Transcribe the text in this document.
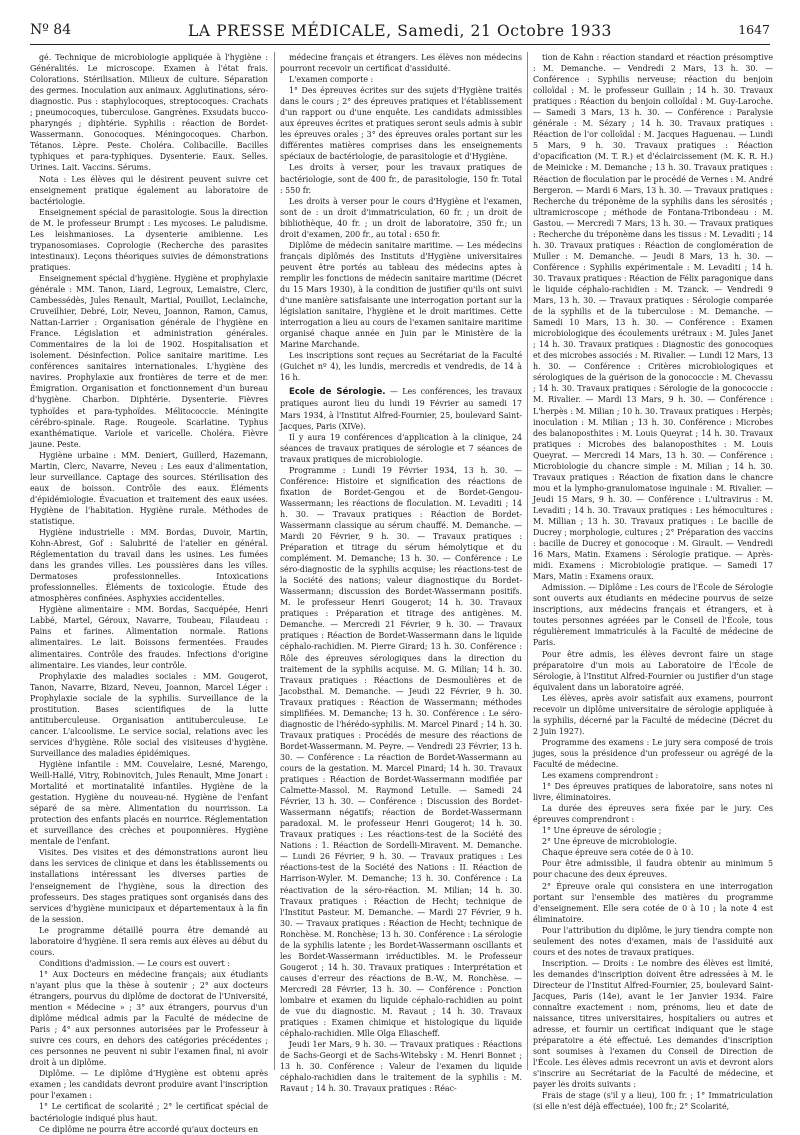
Nº 84	LA PRESSE MÉDICALE, Samedi, 21 Octobre 1933	1647

gé. Technique de microbiologie appliquée à l'hygiène : Généralités. Le microscope. Examen à l'état frais. Colorations. Stérilisation. Milieux de culture. Séparation des germes. Inoculation aux animaux. Agglutinations, séro-diagnostic. Pus : staphylocoques, streptocoques. Crachats ; pneumocoques, tuberculose. Gangrènes. Exsudats bucco-pharyngés ; diphtérie. Syphilis : réaction de Bordet-Wassermann. Gonocoques. Méningocoques. Charbon. Tétanos. Lèpre. Peste. Choléra. Colibacille. Bacilles typhiques et para-typhiques. Dysenterie. Eaux. Selles. Urines. Lait. Vaccins. Sérums.

Nota : Les élèves qui le désirent peuvent suivre cet enseignement pratique également au laboratoire de bactériologie.

Enseignement spécial de parasitologie. Sous la direction de M. le professeur Brumpt : Les mycoses. Le paludisme. Les leishmanioses. La dysenterie amibienne. Les trypanosomiases. Coprologie (Recherche des parasites intestinaux). Leçons théoriques suivies de démonstrations pratiques.

Enseignement spécial d'hygiène. Hygiène et prophylaxie générale : MM. Tanon, Liard, Legroux, Lemaistre, Clerc, Cambessédès, Jules Renault, Martial, Pouillot, Leclainche, Cruveilhier, Debré, Loir, Neveu, Joannon, Ramon, Camus, Nattan-Larrier : Organisation générale de l'hygiène en France. Législation et administration générales. Commentaires de la loi de 1902. Hospitalisation et isolement. Désinfection. Police sanitaire maritime. Les conférences sanitaires internationales. L'hygiène des navires. Prophylaxie aux frontières de terre et de mer. Émigration. Organisation et fonctionnement d'un bureau d'hygiène. Charbon. Diphtérie. Dysenterie. Fièvres typhoïdes et para-typhoïdes. Mélitococcie. Méningite cérébro-spinale. Rage. Rougeole. Scarlatine. Typhus exanthématique. Variole et varicelle. Choléra. Fièvre jaune. Peste.

Hygiène urbaine : MM. Deniert, Guillerd, Hazemann, Martin, Clerc, Navarre, Neveu : Les eaux d'alimentation, leur surveillance. Captage des sources. Stérilisation des eaux de boisson. Contrôle des eaux. Éléments d'épidémiologie. Évacuation et traitement des eaux usées. Hygiène de l'habitation. Hygiène rurale. Méthodes de statistique.

Hygiène industrielle : MM. Bordas, Duvoir, Martin, Kohn-Abrest, Gof : Salubrité de l'atelier en général. Réglementation du travail dans les usines. Les fumées dans les grandes villes. Les poussières dans les villes. Dermatoses professionnelles. Intoxications professionnelles. Éléments de toxicologie. Étude des atmosphères confinées. Asphyxies accidentelles.

Hygiène alimentaire : MM. Bordas, Sacquépée, Henri Labbé, Martel, Géroux, Navarre, Toubeau, Filaudeau : Pains et farines. Alimentation normale. Rations alimentaires. Le lait. Boissons fermentées. Fraudes alimentaires. Contrôle des fraudes. Infections d'origine alimentaire. Les viandes, leur contrôle.

Prophylaxie des maladies sociales : MM. Gougerot, Tanon, Navarre, Bizard, Neveu, Joannon, Marcel Léger : Prophylaxie sociale de la syphilis. Surveillance de la prostitution. Bases scientifiques de la lutte antituberculeuse. Organisation antituberculeuse. Le cancer. L'alcoolisme. Le service social, relations avec les services d'hygiène. Rôle social des visiteuses d'hygiène. Surveillance des maladies épidémiques.

Hygiène infantile : MM. Couvelaire, Lesné, Marengo, Weill-Hallé, Vitry, Robinovitch, Jules Renault, Mme Jonart : Mortalité et mortinatalité infantiles. Hygiène de la gestation. Hygiène du nouveau-né. Hygiène de l'enfant séparé de sa mère. Alimentation du nourrisson. La protection des enfants placés en nourrice. Réglementation et surveillance des crèches et pouponnières. Hygiène mentale de l'enfant.

Visites. Des visites et des démonstrations auront lieu dans les services de clinique et dans les établissements ou installations intéressant les diverses parties de l'enseignement de l'hygiène, sous la direction des professeurs. Des stages pratiques sont organisés dans des services d'hygiène municipaux et départementaux à la fin de la session.

Le programme détaillé pourra être demandé au laboratoire d'hygiène. Il sera remis aux élèves au début du cours.

Conditions d'admission. — Le cours est ouvert :

1° Aux Docteurs en médecine français; aux étudiants n'ayant plus que la thèse à soutenir ; 2° aux docteurs étrangers, pourvus du diplôme de doctorat de l'Université, mention « Médecine » ; 3° aux étrangers, pourvus d'un diplôme médical admis par la Faculté de médecine de Paris ; 4° aux personnes autorisées par le Professeur à suivre ces cours, en dehors des catégories précédentes ; ces personnes ne peuvent ni subir l'examen final, ni avoir droit à un diplôme.

Diplôme. — Le diplôme d'Hygiène est obtenu après examen ; les candidats devront produire avant l'inscription pour l'examen :

1° Le certificat de scolarité ; 2° le certificat spécial de bactériologie indiqué plus haut.

Ce diplôme ne pourra être accordé qu'aux docteurs en

médecine français et étrangers. Les élèves non médecins pourront recevoir un certificat d'assiduité.

L'examen comporte :

1° Des épreuves écrites sur des sujets d'Hygiène traités dans le cours ; 2° des épreuves pratiques et l'établissement d'un rapport ou d'une enquête. Les candidats admissibles aux épreuves écrites et pratiques seront seuls admis à subir les épreuves orales ; 3° des épreuves orales portant sur les différentes matières comprises dans les enseignements spéciaux de bactériologie, de parasitologie et d'Hygiène.

Les droits à verser, pour les travaux pratiques de bactériologie, sont de 400 fr., de parasitologie, 150 fr. Total : 550 fr.

Les droits à verser pour le cours d'Hygiène et l'examen, sont de : un droit d'immatriculation, 60 fr. ; un droit de bibliothèque, 40 fr. ; un droit de laboratoire, 350 fr.; un droit d'examen, 200 fr., au total : 650 fr.

Diplôme de médecin sanitaire maritime. — Les médecins français diplômés des Instituts d'Hygiène universitaires peuvent être portés au tableau des médecins aptes à remplir les fonctions de médecin sanitaire maritime (Décret du 15 Mars 1930), à la condition de justifier qu'ils ont suivi d'une manière satisfaisante une interrogation portant sur la législation sanitaire, l'hygiène et le droit maritimes. Cette interrogation a lieu au cours de l'examen sanitaire maritime organisé chaque année en Juin par le Ministère de la Marine Marchande.

Les inscriptions sont reçues au Secrétariat de la Faculté (Guichet nº 4), les lundis, mercredis et vendredis, de 14 à 16 h.

Ecole de Sérologie. — Les conférences, les travaux pratiques auront lieu du lundi 19 Février au samedi 17 Mars 1934, à l'Institut Alfred-Fournier, 25, boulevard Saint-Jacques, Paris (XIVe).

Il y aura 19 conférences d'application à la clinique, 24 séances de travaux pratiques de sérologie et 7 séances de travaux pratiques de microbiologie.

Programme : Lundi 19 Février 1934, 13 h. 30. — Conférence: Histoire et signification des réactions de fixation de Bordet-Gengou et de Bordet-Gengou-Wassermann; les réactions de floculation. M. Levaditi ; 14 h. 30. — Travaux pratiques : Réaction de Bordet-Wassermann classique au sérum chauffé. M. Demanche. — Mardi 20 Février, 9 h. 30. — Travaux pratiques : Préparation et titrage du sérum hémolytique et du complément. M. Demanche; 13 h. 30. — Conférence : Le séro-diagnostic de la syphilis acquise; les réactions-test de la Société des nations; valeur diagnostique du Bordet-Wassermann; discussion des Bordet-Wassermann positifs. M. le professeur Henri Gougerot; 14 h. 30. Travaux pratiques : Préparation et titrage des antigènes. M. Demanche. — Mercredi 21 Février, 9 h. 30. — Travaux pratiques : Réaction de Bordet-Wassermann dans le liquide céphalo-rachidien. M. Pierre Girard; 13 h. 30. Conférence : Rôle des épreuves sérologiques dans la direction du traitement de la syphilis acquise. M. G. Milian; 14 h. 30. Travaux pratiques : Réactions de Desmoulières et de Jacobsthal. M. Demanche. — Jeudi 22 Février, 9 h. 30. Travaux pratiques : Réaction de Wassermann; méthodes simplifiées. M. Demanche; 13 h. 30. Conférence : Le séro-diagnostic de l'hérédo-syphilis. M. Marcel Pinard ; 14 h. 30. Travaux pratiques : Procédés de mesure des réactions de Bordet-Wassermann. M. Peyre. — Vendredi 23 Février, 13 h. 30. — Conférence : La réaction de Bordet-Wassermann au cours de la gestation. M. Marcel Pinard; 14 h. 30. Travaux pratiques : Réaction de Bordet-Wassermann modifiée par Calmette-Massol. M. Raymond Letulle. — Samedi 24 Février, 13 h. 30. — Conférence : Discussion des Bordet-Wassermann négatifs; réaction de Bordet-Wassermann paradoxal. M. le professeur Henri Gougerot; 14 h. 30. Travaux pratiques : Les réactions-test de la Société des Nations : 1. Réaction de Sordelli-Miravent. M. Demanche. — Lundi 26 Février, 9 h. 30. — Travaux pratiques : Les réactions-test de la Société des Nations : II. Réaction de Harrison-Wyler. M. Demanche; 13 h. 30. Conférence : La réactivation de la séro-réaction. M. Milian; 14 h. 30. Travaux pratiques : Réaction de Hecht; technique de l'Institut Pasteur. M. Demanche. — Mardi 27 Février, 9 h. 30. — Travaux pratiques : Réaction de Hecht; technique de Ronchèse. M. Ronchèse; 13 h. 30. Conférence : La sérologie de la syphilis latente ; les Bordet-Wassermann oscillants et les Bordet-Wassermann irréductibles. M. le Professeur Gougerot ; 14 h. 30. Travaux pratiques : Interprétation et causes d'erreur des réactions de B.-W., M. Ronchèse. — Mercredi 28 Février, 13 h. 30. — Conférence : Ponction lombaire et examen du liquide céphalo-rachidien au point de vue du diagnostic. M. Ravaut ; 14 h. 30. Travaux pratiques : Examen chimique et histologique du liquide céphalo-rachidien. Mlle Olga Eliascheff.

Jeudi 1er Mars, 9 h. 30. — Travaux pratiques : Réactions de Sachs-Georgi et de Sachs-Witebsky : M. Henri Bonnet ; 13 h. 30. Conférence : Valeur de l'examen du liquide céphalo-rachidien dans le traitement de la syphilis : M. Ravaut ; 14 h. 30. Travaux pratiques : Réac-

tion de Kahn : réaction standard et réaction présomptive : M. Demanche. — Vendredi 2 Mars, 13 h. 30. — Conférence : Syphilis nerveuse; réaction du benjoin colloïdal : M. le professeur Guillain ; 14 h. 30. Travaux pratiques : Réaction du benjoin colloïdal : M. Guy-Laroche. — Samedi 3 Mars, 13 h. 30. — Conférence : Paralysie générale : M. Sézary ; 14 h. 30. Travaux pratiques : Réaction de l'or colloïdal : M. Jacques Haguenau. — Lundi 5 Mars, 9 h. 30. Travaux pratiques : Réaction d'opacification (M. T. R.) et d'éclaircissement (M. K. R. H.) de Meinicke : M. Demanche ; 13 h. 30. Travaux pratiques : Réaction de floculation par le procédé de Vernes : M. André Bergeron. — Mardi 6 Mars, 13 h. 30. — Travaux pratiques : Recherche du tréponème de la syphilis dans les sérosités ; ultramicroscope ; méthode de Fontana-Tribondeau : M. Gastou. — Mercredi 7 Mars, 13 h. 30. — Travaux pratiques : Recherche du tréponème dans les tissus : M. Levaditi ; 14 h. 30. Travaux pratiques : Réaction de conglomération de Muller : M. Demanche. — Jeudi 8 Mars, 13 h. 30. — Conférence : Syphilis expérimentale : M. Levaditi ; 14 h. 30. Travaux pratiques : Réaction de Félix paragonique dans le liquide céphalo-rachidien : M. Tzanck. — Vendredi 9 Mars, 13 h. 30. — Travaux pratiques : Sérologie comparée de la syphilis et de la tuberculose : M. Demanche. — Samedi 10 Mars, 13 h. 30. — Conférence : Examen microbiologique des écoulements urétraux : M. Jules Janet ; 14 h. 30. Travaux pratiques : Diagnostic des gonocoques et des microbes associés : M. Rivalier. — Lundi 12 Mars, 13 h. 30. — Conférence : Critères microbiologiques et sérologiques de la guérison de la gonococcie : M. Chevassu ; 14 h. 30. Travaux pratiques : Sérologie de la gonococcie : M. Rivalier. — Mardi 13 Mars, 9 h. 30. — Conférence : L'herpès : M. Milian ; 10 h. 30. Travaux pratiques : Herpès; inoculation : M. Milian ; 13 h. 30. Conférence : Microbes des balanoposthites : M. Louis Queyrat ; 14 h. 30. Travaux pratiques : Microbes des balanoposthites : M. Louis Queyrat. — Mercredi 14 Mars, 13 h. 30. — Conférence : Microbiologie du chancre simple : M. Milian ; 14 h. 30. Travaux pratiques : Réaction de fixation dans le chancre mou et la lympho-granulomatose inguinale : M. Rivalier. — Jeudi 15 Mars, 9 h. 30. — Conférence : L'ultravirus : M. Levaditi ; 14 h. 30. Travaux pratiques : Les hémocultures : M. Millian ; 13 h. 30. Travaux pratiques : Le bacille de Ducrey ; morphologie, cultures ; 2° Préparation des vaccins : bacille de Ducrey et gonocoque : M. Girault. — Vendredi 16 Mars, Matin. Examens : Sérologie pratique. — Après-midi. Examens : Microbiologie pratique. — Samedi 17 Mars, Matin : Examens oraux.

Admission. — Diplôme : Les cours de l'École de Sérologie sont ouverts aux étudiants en médecine pourvus de seize inscriptions, aux médecins français et étrangers, et à toutes personnes agréées par le Conseil de l'École, tous régulièrement immatriculés à la Faculté de médecine de Paris.

Pour être admis, les élèves devront faire un stage préparatoire d'un mois au Laboratoire de l'École de Sérologie, à l'Institut Alfred-Fournier ou justifier d'un stage équivalent dans un laboratoire agréé.

Les élèves, après avoir satisfait aux examens, pourront recevoir un diplôme universitaire de sérologie appliquée à la syphilis, décerné par la Faculté de médecine (Décret du 2 Juin 1927).

Programme des examens : Le jury sera composé de trois juges, sous la présidence d'un professeur ou agrégé de la Faculté de médecine.

Les examens comprendront :

1° Des épreuves pratiques de laboratoire, sans notes ni livre, éliminatoires.

La durée des épreuves sera fixée par le jury. Ces épreuves comprendront :

1° Une épreuve de sérologie ;

2° Une épreuve de microbiologie.

Chaque épreuve sera cotée de 0 à 10.

Pour être admissible, il faudra obtenir au minimum 5 pour chacune des deux épreuves.

2° Épreuve orale qui consistera en une interrogation portant sur l'ensemble des matières du programme d'enseignement. Elle sera cotée de 0 à 10 ; la note 4 est éliminatoire.

Pour l'attribution du diplôme, le jury tiendra compte non seulement des notes d'examen, mais de l'assiduité aux cours et des notes de travaux pratiques.

Inscription. — Droits : Le nombre des élèves est limité, les demandes d'inscription doivent être adressées à M. le Directeur de l'Institut Alfred-Fournier, 25, boulevard Saint-Jacques, Paris (14e), avant le 1er Janvier 1934. Faire connaître exactement : nom, prénoms, lieu et date de naissance, titres universitaires, hospitaliers ou autres et adresse, et fournir un certificat indiquant que le stage préparatoire a été effectué. Les demandes d'inscription sont soumises à l'examen du Conseil de Direction de l'École. Les élèves admis recevront un avis et devront alors s'inscrire au Secrétariat de la Faculté de médecine, et payer les droits suivants :

Frais de stage (s'il y a lieu), 100 fr. ; 1° Immatriculation (si elle n'est déjà effectuée), 100 fr.; 2° Scolarité,
